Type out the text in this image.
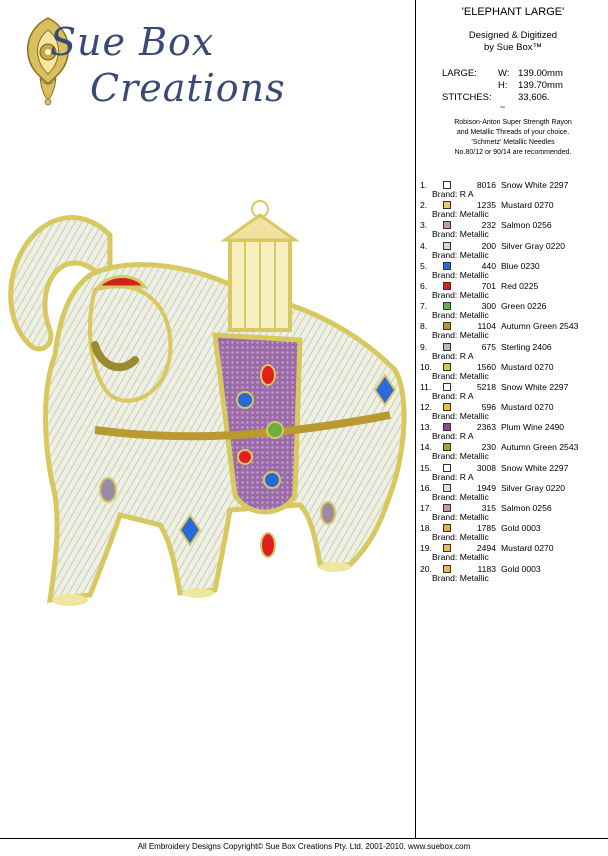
Sue Box
Creations
'ELEPHANT LARGE'
Designed & Digitized
by Sue Box™
LARGE: W: 139.00mm
H: 139.70mm
STITCHES:	33,606.
~
Robison-Anton Super Strength Rayon
and Metallic Threads of your choice.
'Schmetz' Metallic Needles
No.80/12 or 90/14 are recommended.
1.	8016 Snow White 2297
Brand: R A
2.	1235 Mustard 0270
Brand: Metallic
3.	232 Salmon 0256
Brand: Metallic
4.	200 Silver Gray 0220
Brand: Metallic
5.	440 Blue 0230
Brand: Metallic
6.	701 Red 0225
Brand: Metallic
7.	300 Green 0226
Brand: Metallic
8.	1104 Autumn Green 2543
Brand: Metallic
9.	675 Sterling 2406
Brand: R A
10.	1560 Mustard 0270
Brand: Metallic
11.	5218 Snow White 2297
Brand: R A
12.	596 Mustard 0270
Brand: Metallic
13.	2363 Plum Wine 2490
Brand: R A
14.	230 Autumn Green 2543
Brand: Metallic
15.	3008 Snow White 2297
Brand: R A
16.	1949 Silver Gray 0220
Brand: Metallic
17.	315 Salmon 0256
Brand: Metallic
18.	1785 Gold 0003
Brand: Metallic
19.	2494 Mustard 0270
Brand: Metallic
20.	1183 Gold 0003
Brand: Metallic
All Embroidery Designs Copyright© Sue Box Creations Pty. Ltd. 2001-2010. www.suebox.com
